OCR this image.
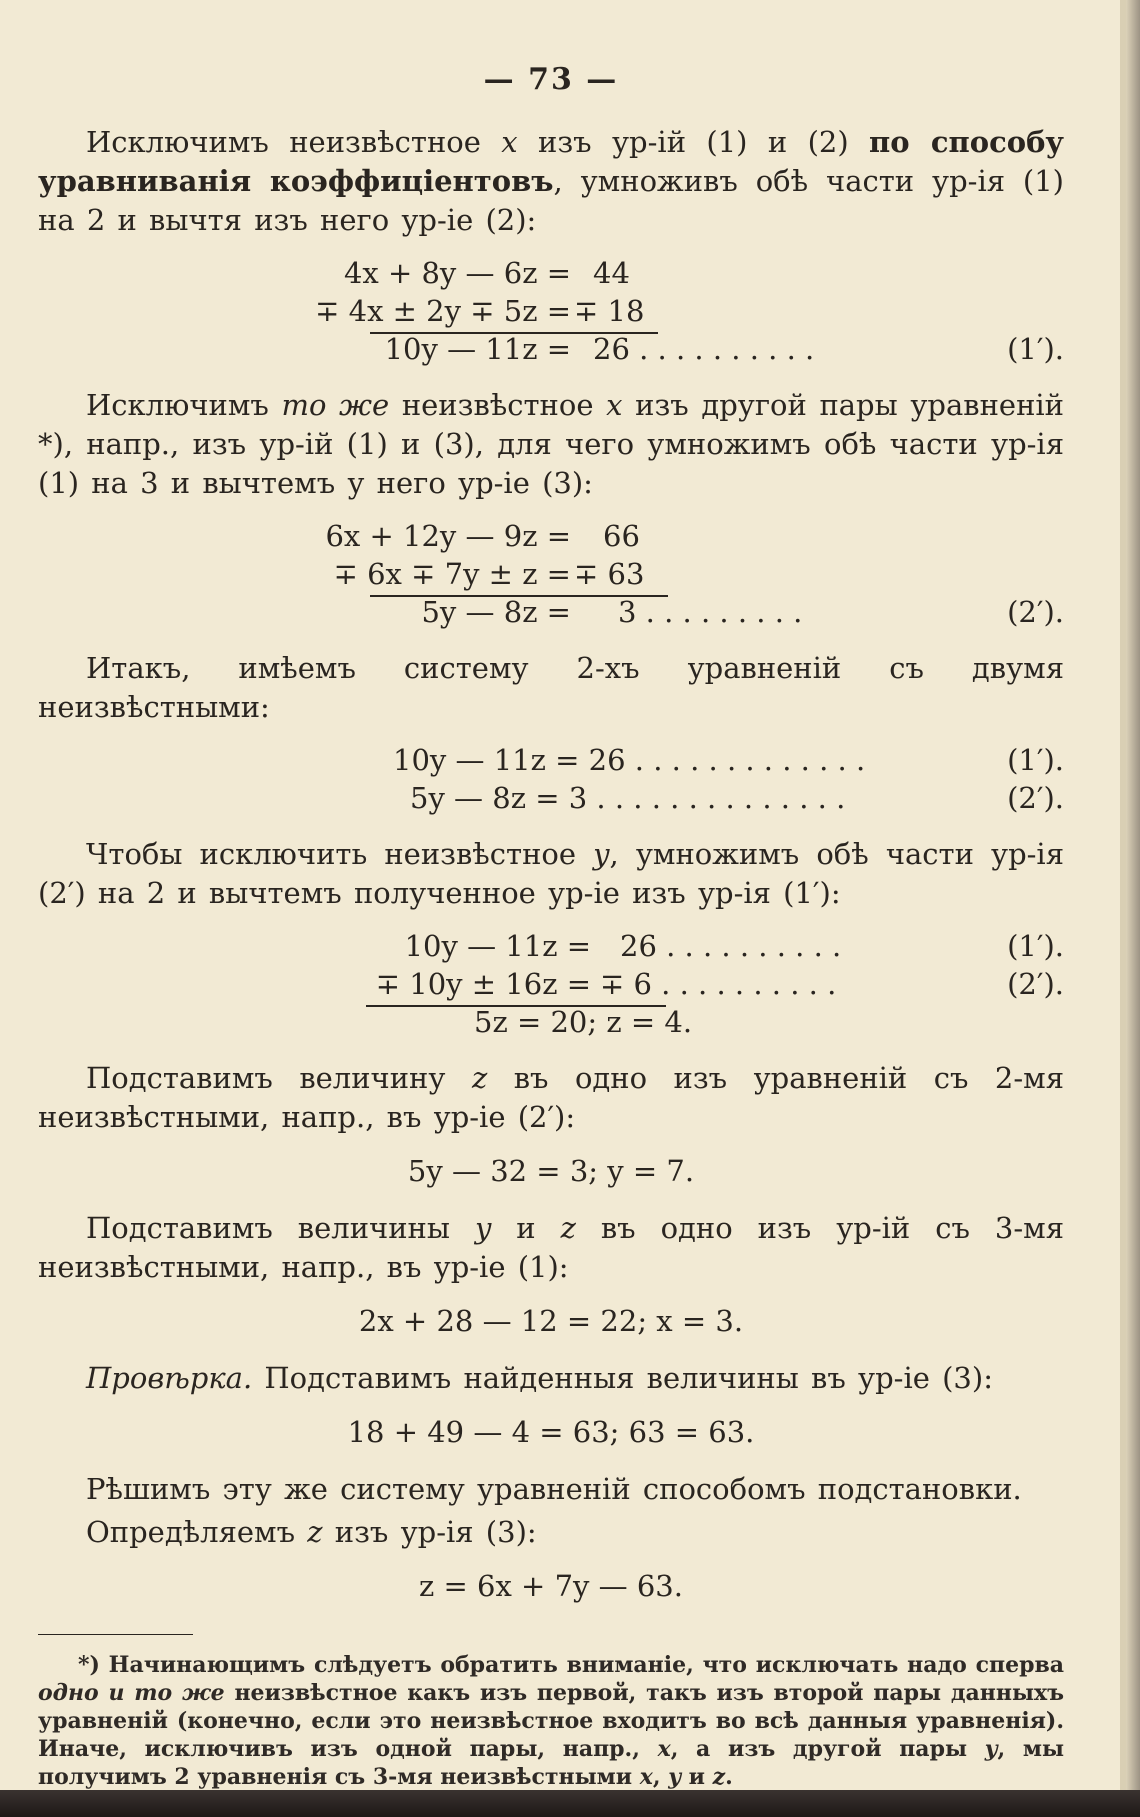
— 73 —

Исключимъ неизвѣстное x изъ ур-iй (1) и (2) по способу уравниванія коэффиціентовъ, умноживъ обѣ части ур-ія (1) на 2 и вычтя изъ него ур-іе (2):

4x + 8y — 6z = 44
∓ 4x ± 2y ∓ 5z = ∓ 18
10y — 11z = 26 . . . . . . . . . .	(1′).

Исключимъ то же неизвѣстное x изъ другой пары уравненій *), напр., изъ ур-iй (1) и (3), для чего умножимъ обѣ части ур-ія (1) на 3 и вычтемъ у него ур-іе (3):

6x + 12y — 9z = 66
∓ 6x ∓ 7y ± z = ∓ 63
5y — 8z = 3 . . . . . . . . .	(2′).

Итакъ, имѣемъ систему 2-хъ уравненій съ двумя неизвѣстными:

10y — 11z = 26 . . . . . . . . . . . . .	(1′).
5y — 8z = 3 . . . . . . . . . . . . . .	(2′).

Чтобы исключить неизвѣстное y, умножимъ обѣ части ур-ія (2′) на 2 и вычтемъ полученное ур-іе изъ ур-ія (1′):

10y — 11z = 26 . . . . . . . . . .	(1′).
∓ 10y ± 16z = ∓ 6 . . . . . . . . . .	(2′).
5z = 20; z = 4.

Подставимъ величину z въ одно изъ уравненій съ 2-мя неизвѣстными, напр., въ ур-іе (2′):

5y — 32 = 3; y = 7.

Подставимъ величины y и z въ одно изъ ур-iй съ 3-мя неизвѣстными, напр., въ ур-іе (1):

2x + 28 — 12 = 22; x = 3.

Провѣрка. Подставимъ найденныя величины въ ур-іе (3):

18 + 49 — 4 = 63; 63 = 63.

Рѣшимъ эту же систему уравненій способомъ подстановки.

Опредѣляемъ z изъ ур-ія (3):

z = 6x + 7y — 63.

*) Начинающимъ слѣдуетъ обратить вниманіе, что исключать надо сперва одно и то же неизвѣстное какъ изъ первой, такъ изъ второй пары данныхъ уравненій (конечно, если это неизвѣстное входитъ во всѣ данныя уравненія). Иначе, исключивъ изъ одной пары, напр., x, а изъ другой пары y, мы получимъ 2 уравненія съ 3-мя неизвѣстными x, y и z.
